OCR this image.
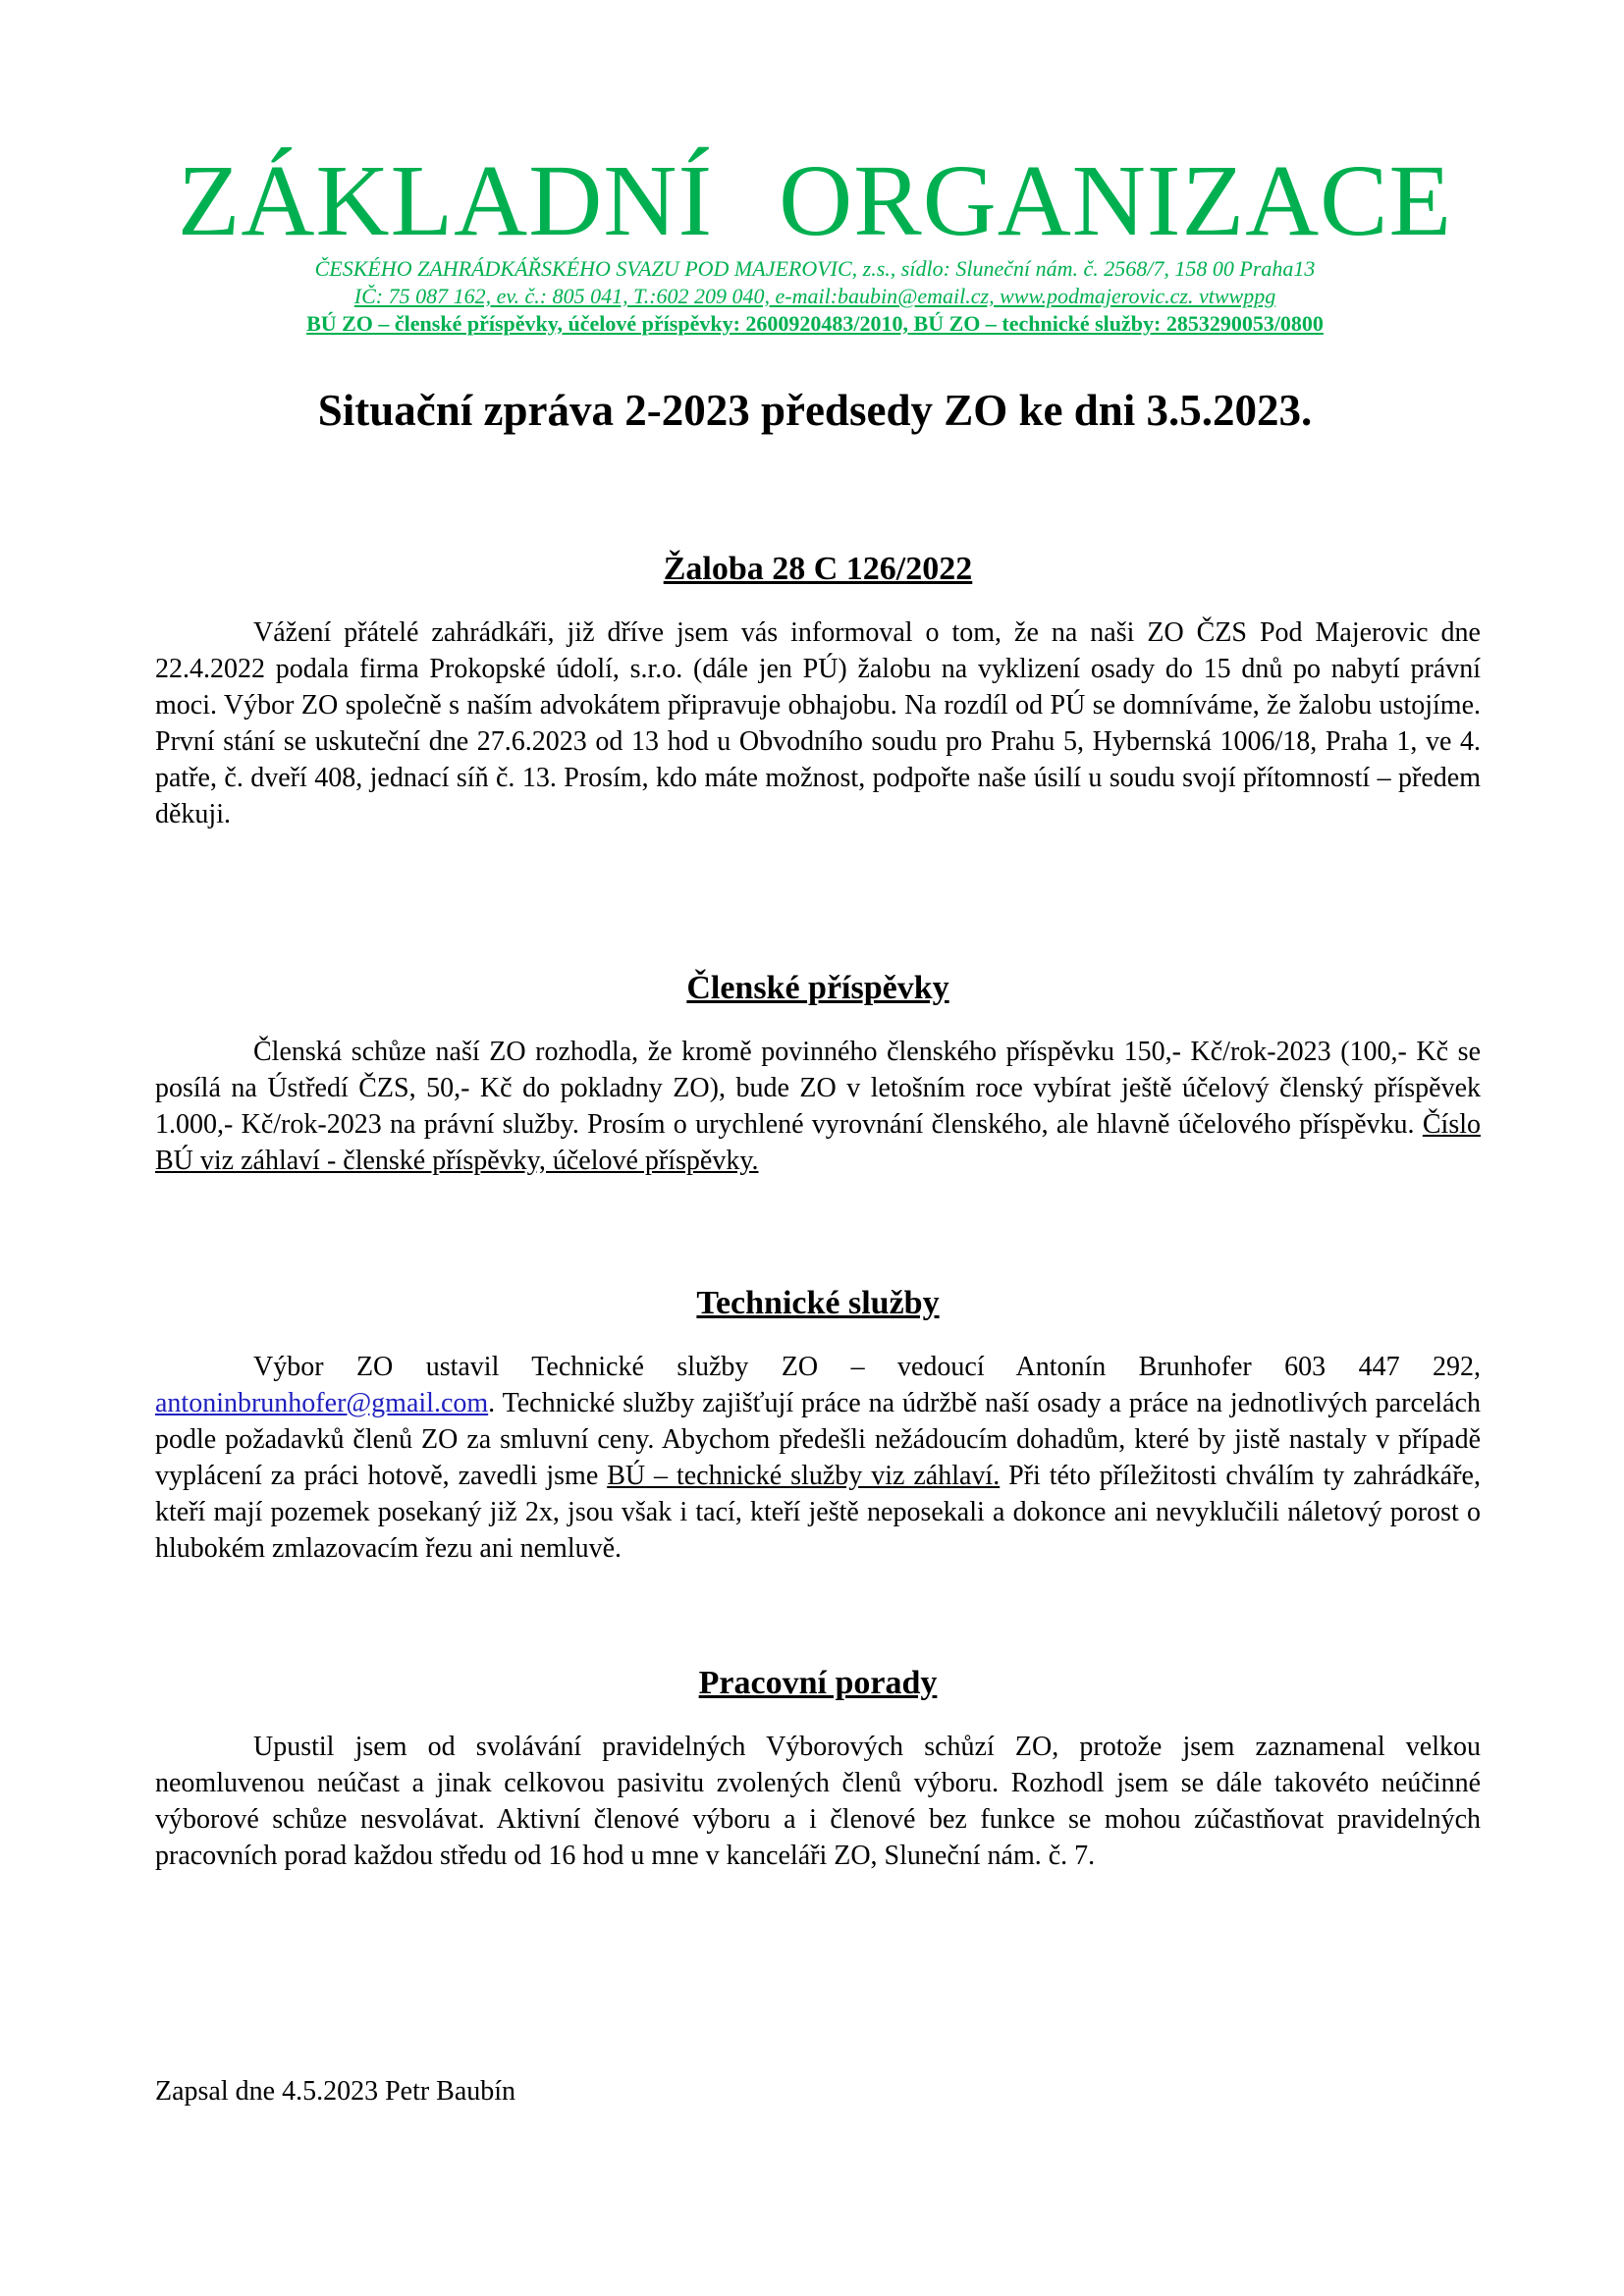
ZÁKLADNÍ ORGANIZACE

ČESKÉHO ZAHRÁDKÁŘSKÉHO SVAZU POD MAJEROVIC, z.s., sídlo: Sluneční nám. č. 2568/7, 158 00 Praha13

IČ: 75 087 162, ev. č.: 805 041, T.:602 209 040, e-mail:baubin@email.cz, www.podmajerovic.cz. vtwwppg

BÚ ZO – členské příspěvky, účelové příspěvky: 2600920483/2010, BÚ ZO – technické služby: 2853290053/0800

Situační zpráva 2-2023 předsedy ZO ke dni 3.5.2023.
Žaloba 28 C 126/2022

Vážení přátelé zahrádkáři, již dříve jsem vás informoval o tom, že na naši ZO ČZS Pod Majerovic dne 22.4.2022 podala firma Prokopské údolí, s.r.o. (dále jen PÚ) žalobu na vyklizení osady do 15 dnů po nabytí právní moci. Výbor ZO společně s naším advokátem připravuje obhajobu. Na rozdíl od PÚ se domníváme, že žalobu ustojíme. První stání se uskuteční dne 27.6.2023 od 13 hod u Obvodního soudu pro Prahu 5, Hybernská 1006/18, Praha 1, ve 4. patře, č. dveří 408, jednací síň č. 13. Prosím, kdo máte možnost, podpořte naše úsilí u soudu svojí přítomností – předem děkuji.

Členské příspěvky

Členská schůze naší ZO rozhodla, že kromě povinného členského příspěvku 150,- Kč/rok-2023 (100,- Kč se posílá na Ústředí ČZS, 50,- Kč do pokladny ZO), bude ZO v letošním roce vybírat ještě účelový členský příspěvek 1.000,- Kč/rok-2023 na právní služby. Prosím o urychlené vyrovnání členského, ale hlavně účelového příspěvku. Číslo BÚ viz záhlaví - členské příspěvky, účelové příspěvky.

Technické služby

Výbor ZO ustavil Technické služby ZO – vedoucí Antonín Brunhofer 603 447 292, antoninbrunhofer@gmail.com. Technické služby zajišťují práce na údržbě naší osady a práce na jednotlivých parcelách podle požadavků členů ZO za smluvní ceny. Abychom předešli nežádoucím dohadům, které by jistě nastaly v případě vyplácení za práci hotově, zavedli jsme BÚ – technické služby viz záhlaví. Při této příležitosti chválím ty zahrádkáře, kteří mají pozemek posekaný již 2x, jsou však i tací, kteří ještě neposekali a dokonce ani nevyklučili náletový porost o hlubokém zmlazovacím řezu ani nemluvě.

Pracovní porady

Upustil jsem od svolávání pravidelných Výborových schůzí ZO, protože jsem zaznamenal velkou neomluvenou neúčast a jinak celkovou pasivitu zvolených členů výboru. Rozhodl jsem se dále takovéto neúčinné výborové schůze nesvolávat. Aktivní členové výboru a i členové bez funkce se mohou zúčastňovat pravidelných pracovních porad každou středu od 16 hod u mne v kanceláři ZO, Sluneční nám. č. 7.

Zapsal dne 4.5.2023 Petr Baubín
